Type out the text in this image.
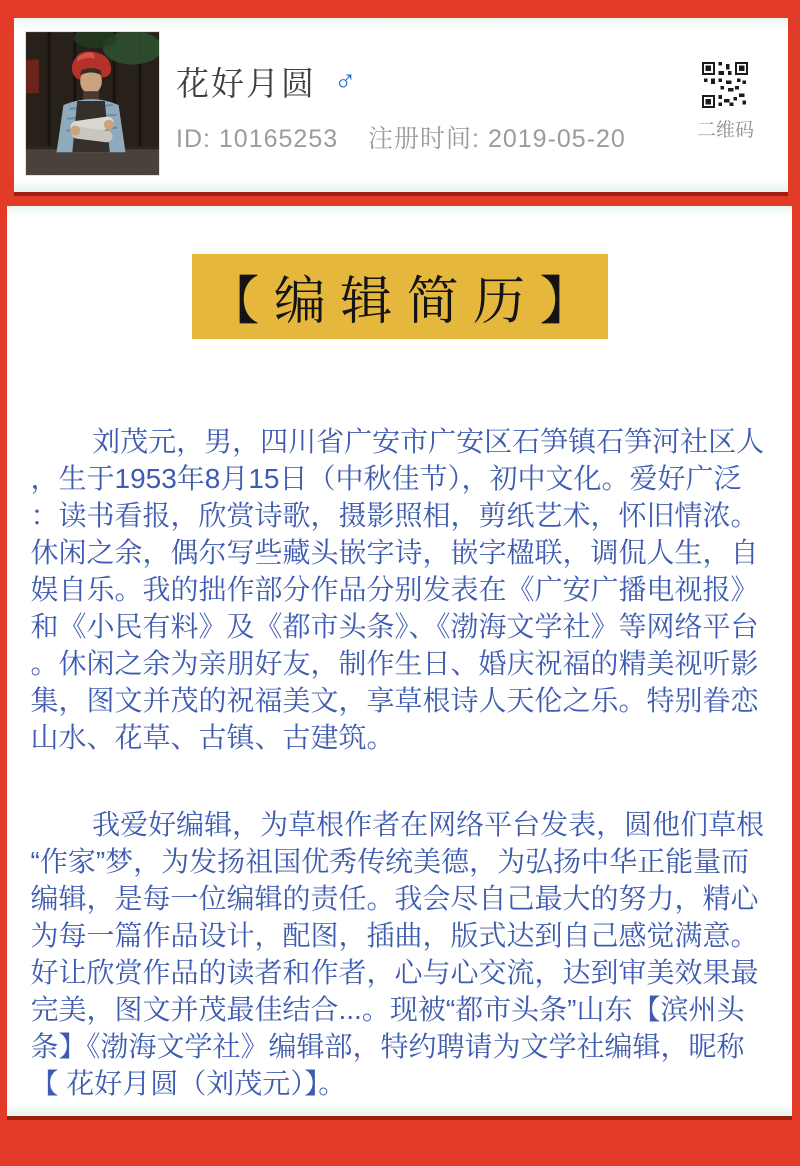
花好月圆 ♂
ID: 10165253 注册时间: 2019-05-20	二维码
【 编 辑 简 历 】

刘茂元，男，四川省广安市广安区石笋镇石笋河社区人，生于1953年8月15日（中秋佳节），初中文化。爱好广泛：读书看报，欣赏诗歌，摄影照相，剪纸艺术，怀旧情浓。休闲之余，偶尔写些藏头嵌字诗，嵌字楹联，调侃人生，自娱自乐。我的拙作部分作品分别发表在《广安广播电视报》和《小民有料》及《都市头条》、《渤海文学社》等网络平台。休闲之余为亲朋好友，制作生日、婚庆祝福的精美视听影集，图文并茂的祝福美文，享草根诗人天伦之乐。特别眷恋山水、花草、古镇、古建筑。

我爱好编辑，为草根作者在网络平台发表，圆他们草根“作家”梦，为发扬祖国优秀传统美德，为弘扬中华正能量而编辑，是每一位编辑的责任。我会尽自己最大的努力，精心为每一篇作品设计，配图，插曲，版式达到自己感觉满意。好让欣赏作品的读者和作者，心与心交流，达到审美效果最完美，图文并茂最佳结合...。现被“都市头条”山东【滨州头条】《渤海文学社》编辑部，特约聘请为文学社编辑，昵称【 花好月圆（刘茂元）】。
